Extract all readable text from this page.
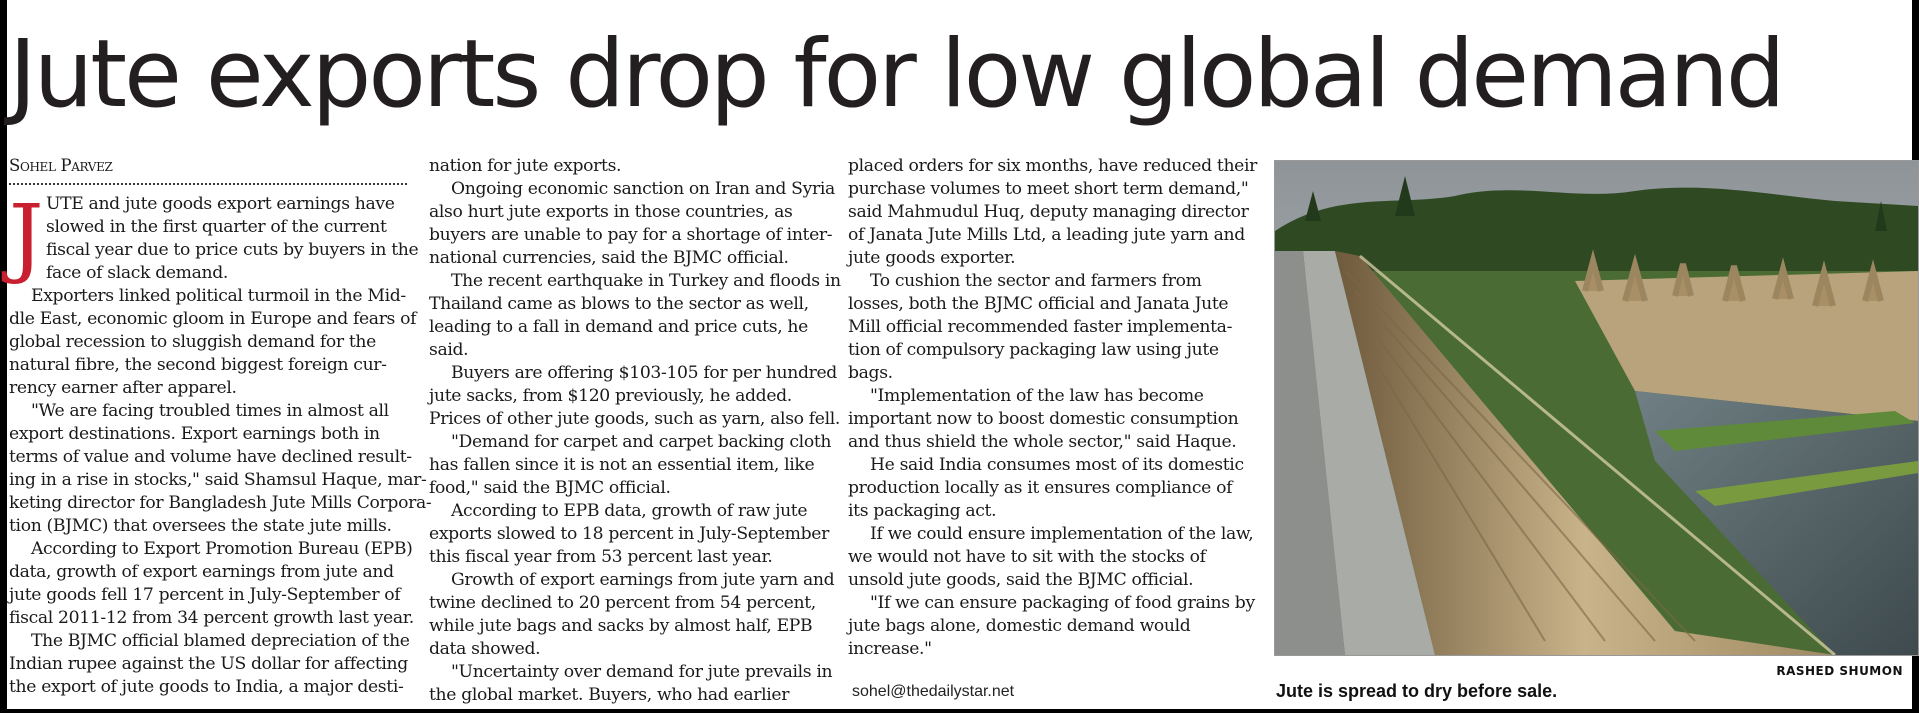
Jute exports drop for low global demand

Sohel Parvez

J UTE and jute goods export earnings have

slowed in the first quarter of the current

fiscal year due to price cuts by buyers in the

face of slack demand.

Exporters linked political turmoil in the Mid-

dle East, economic gloom in Europe and fears of

global recession to sluggish demand for the

natural fibre, the second biggest foreign cur-

rency earner after apparel.

"We are facing troubled times in almost all

export destinations. Export earnings both in

terms of value and volume have declined result-

ing in a rise in stocks," said Shamsul Haque, mar-

keting director for Bangladesh Jute Mills Corpora-

tion (BJMC) that oversees the state jute mills.

According to Export Promotion Bureau (EPB)

data, growth of export earnings from jute and

jute goods fell 17 percent in July-September of

fiscal 2011-12 from 34 percent growth last year.

The BJMC official blamed depreciation of the

Indian rupee against the US dollar for affecting

the export of jute goods to India, a major desti-

nation for jute exports.

Ongoing economic sanction on Iran and Syria

also hurt jute exports in those countries, as

buyers are unable to pay for a shortage of inter-

national currencies, said the BJMC official.

The recent earthquake in Turkey and floods in

Thailand came as blows to the sector as well,

leading to a fall in demand and price cuts, he

said.

Buyers are offering $103-105 for per hundred

jute sacks, from $120 previously, he added.

Prices of other jute goods, such as yarn, also fell.

"Demand for carpet and carpet backing cloth

has fallen since it is not an essential item, like

food," said the BJMC official.

According to EPB data, growth of raw jute

exports slowed to 18 percent in July-September

this fiscal year from 53 percent last year.

Growth of export earnings from jute yarn and

twine declined to 20 percent from 54 percent,

while jute bags and sacks by almost half, EPB

data showed.

"Uncertainty over demand for jute prevails in

the global market. Buyers, who had earlier

placed orders for six months, have reduced their

purchase volumes to meet short term demand,"

said Mahmudul Huq, deputy managing director

of Janata Jute Mills Ltd, a leading jute yarn and

jute goods exporter.

To cushion the sector and farmers from

losses, both the BJMC official and Janata Jute

Mill official recommended faster implementa-

tion of compulsory packaging law using jute

bags.

"Implementation of the law has become

important now to boost domestic consumption

and thus shield the whole sector," said Haque.

He said India consumes most of its domestic

production locally as it ensures compliance of

its packaging act.

If we could ensure implementation of the law,

we would not have to sit with the stocks of

unsold jute goods, said the BJMC official.

"If we can ensure packaging of food grains by

jute bags alone, domestic demand would

increase."

sohel@thedailystar.net
RASHED SHUMON
Jute is spread to dry before sale.
